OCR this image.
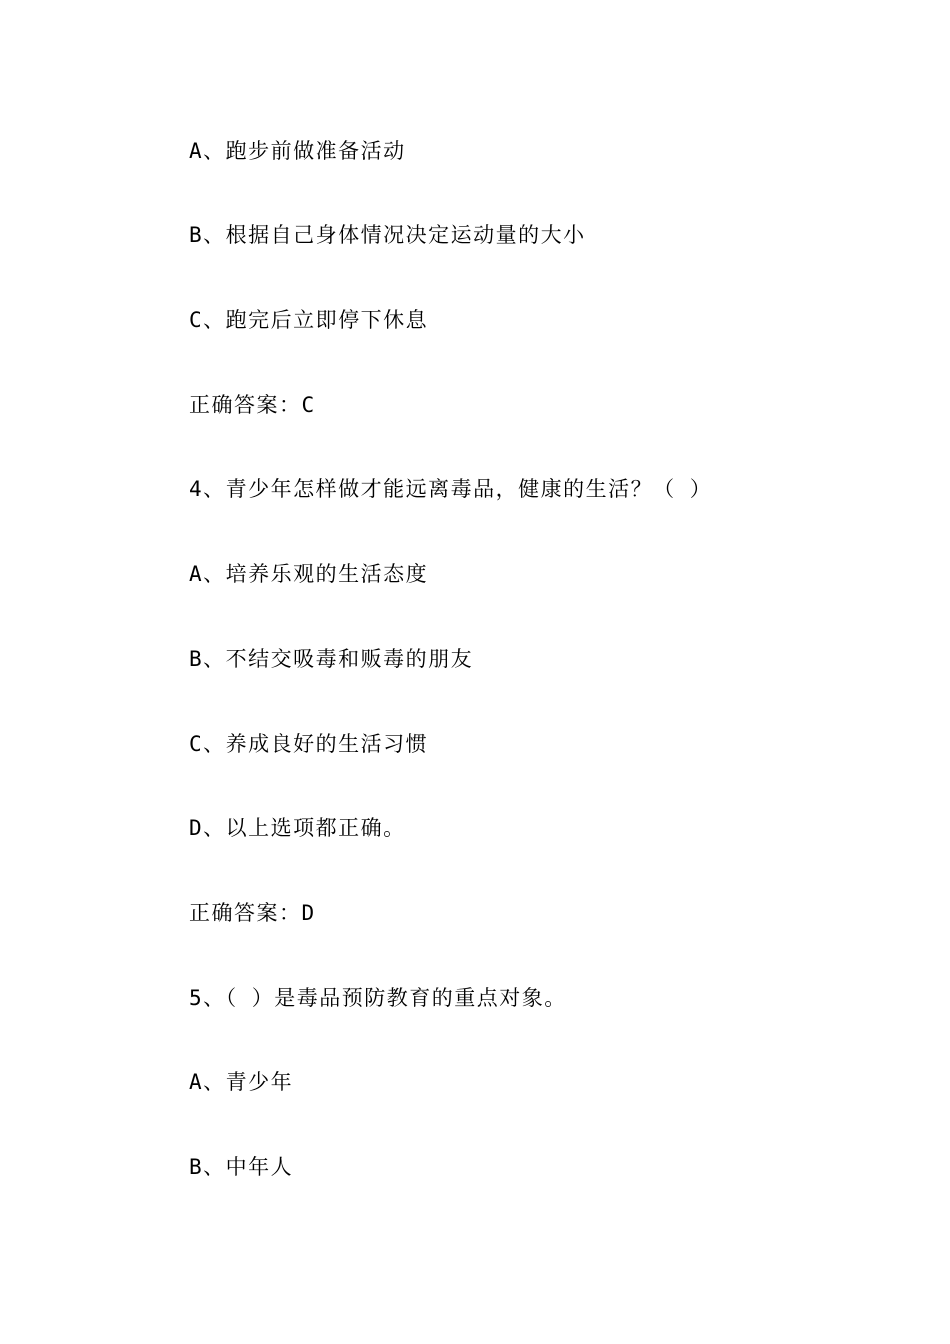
A、跑步前做准备活动
B、根据自己身体情况决定运动量的大小
C、跑完后立即停下休息
正确答案：C
4、青少年怎样做才能远离毒品，健康的生活？（ ）
A、培养乐观的生活态度
B、不结交吸毒和贩毒的朋友
C、养成良好的生活习惯
D、以上选项都正确。
正确答案：D
5、（ ）是毒品预防教育的重点对象。
A、青少年
B、中年人
